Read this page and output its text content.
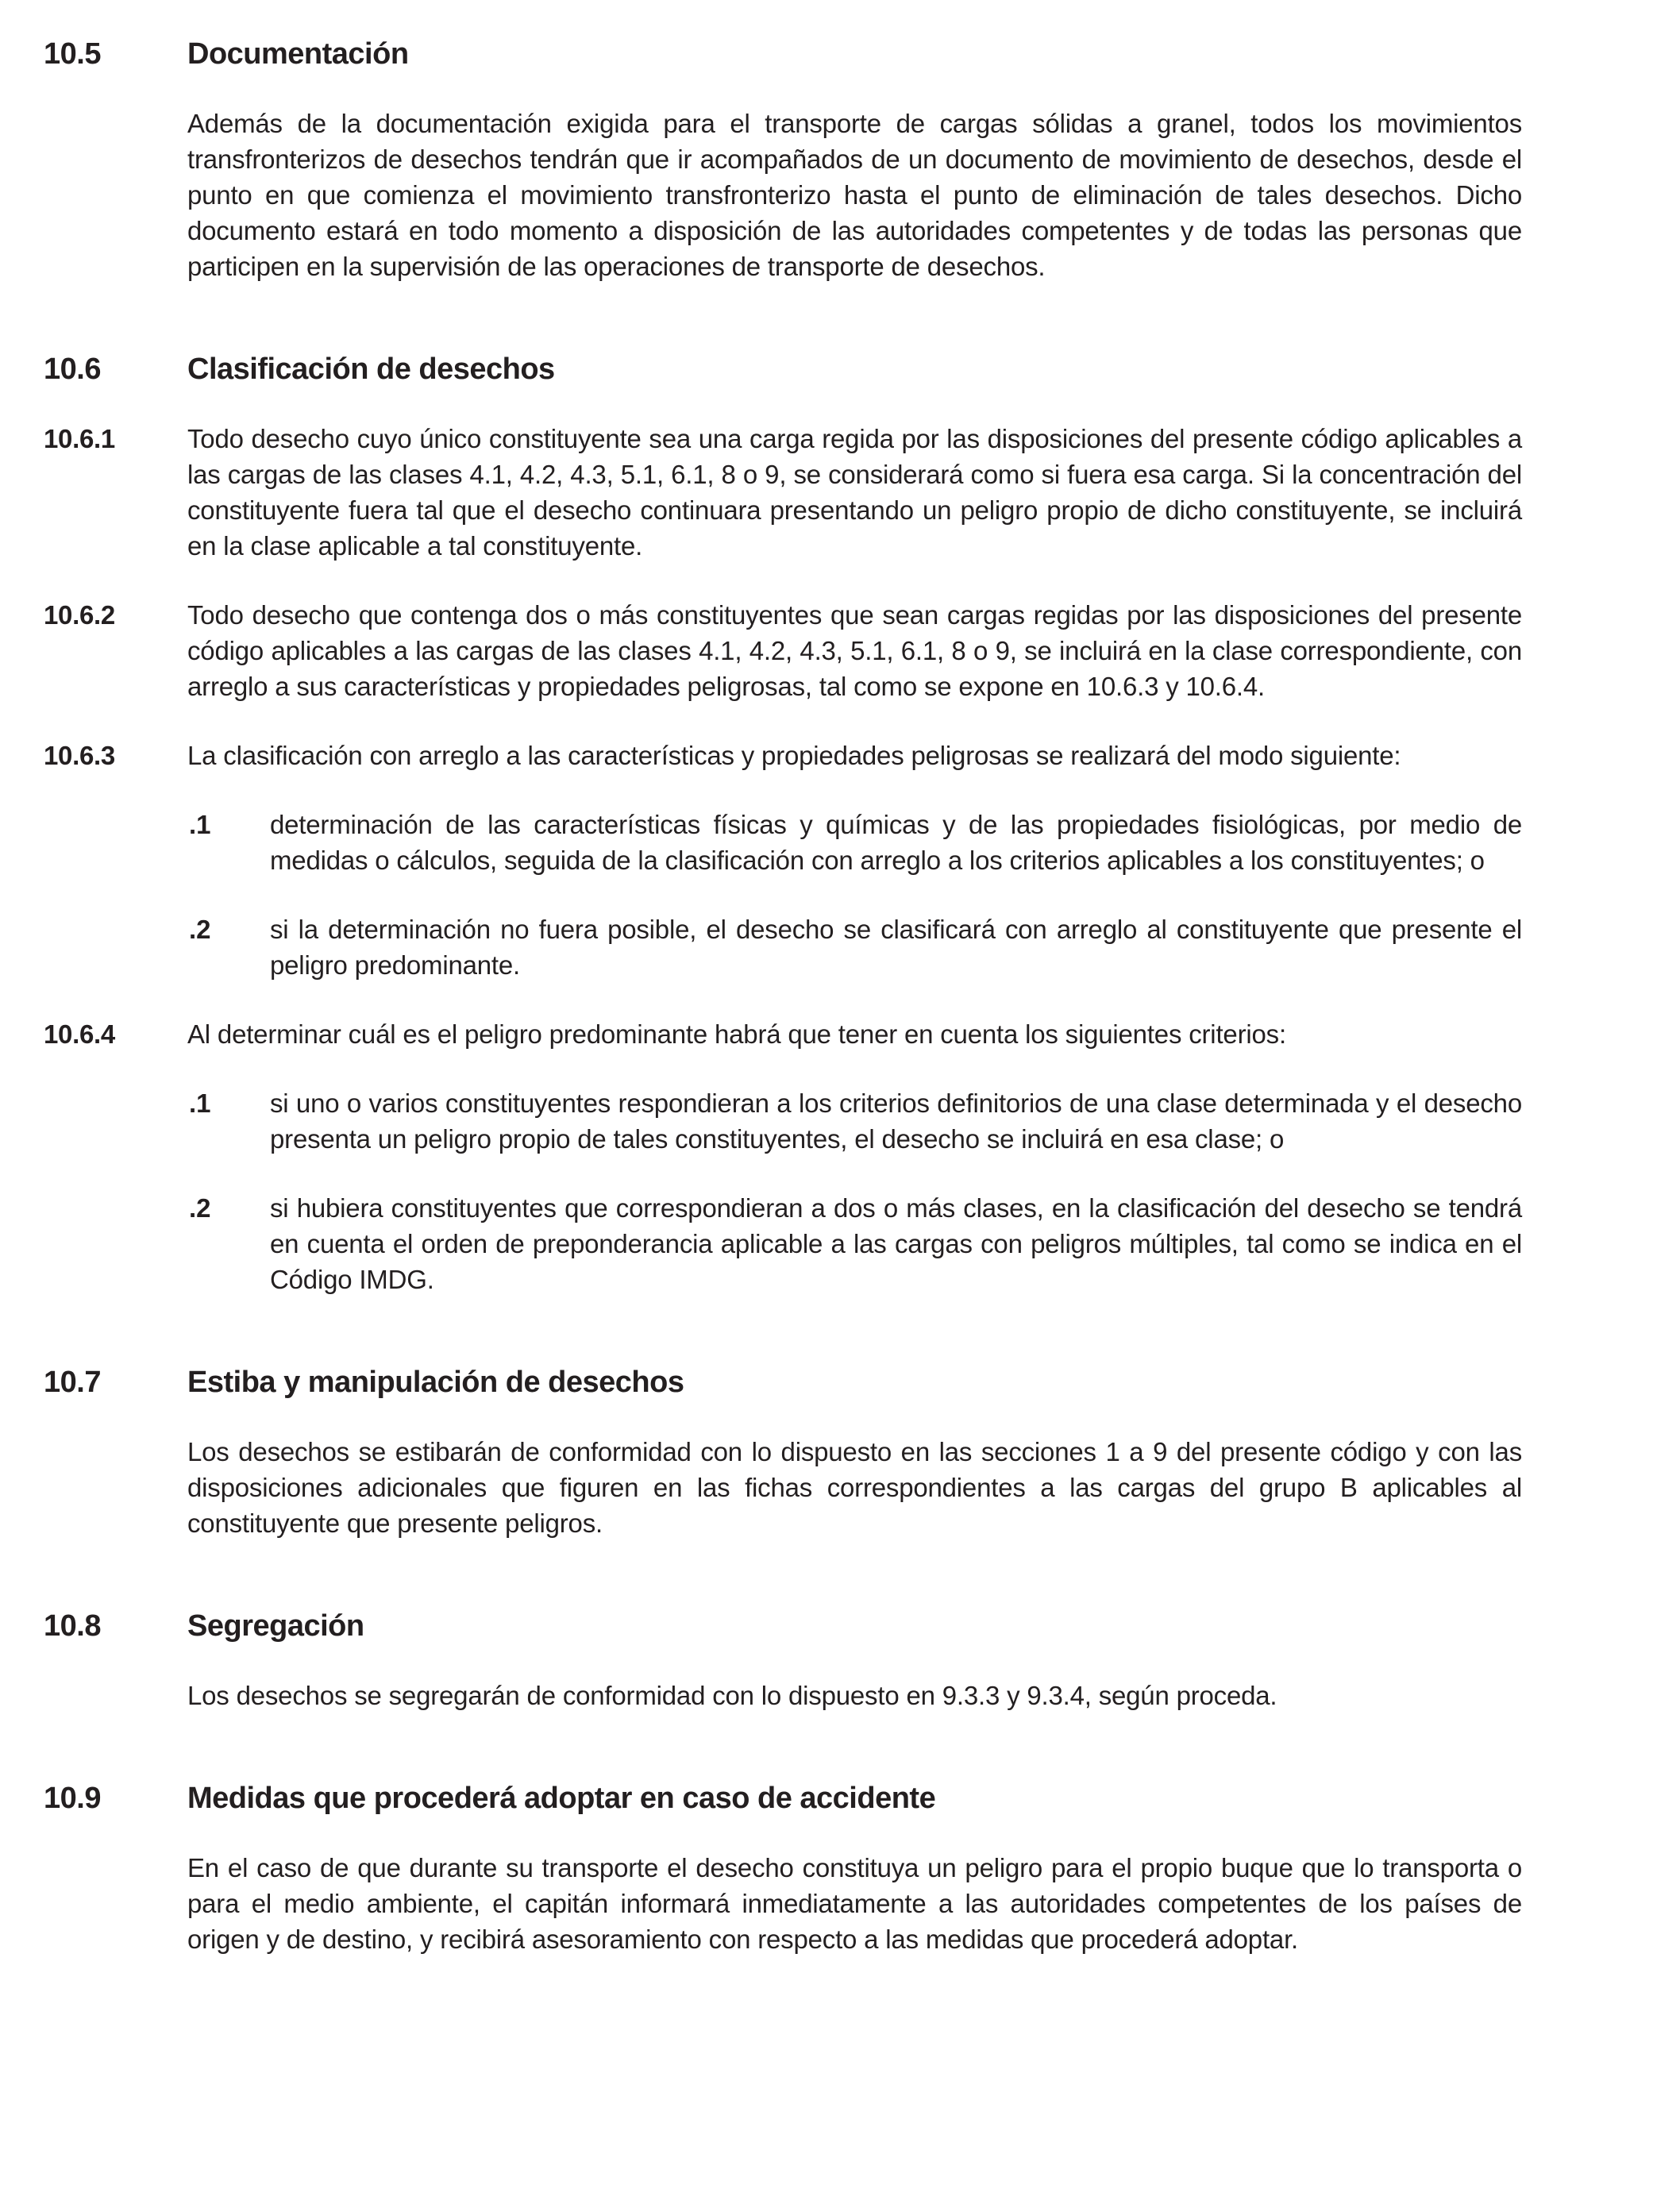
10.5	Documentación
Además de la documentación exigida para el transporte de cargas sólidas a granel, todos los movimientos transfronterizos de desechos tendrán que ir acompañados de un documento de movimiento de desechos, desde el punto en que comienza el movimiento transfronterizo hasta el punto de eliminación de tales desechos. Dicho documento estará en todo momento a disposición de las autoridades competentes y de todas las personas que participen en la supervisión de las operaciones de transporte de desechos.
10.6	Clasificación de desechos
10.6.1	Todo desecho cuyo único constituyente sea una carga regida por las disposiciones del presente código aplicables a las cargas de las clases 4.1, 4.2, 4.3, 5.1, 6.1, 8 o 9, se considerará como si fuera esa carga. Si la concentración del constituyente fuera tal que el desecho continuara presentando un peligro propio de dicho constituyente, se incluirá en la clase aplicable a tal constituyente.
10.6.2	Todo desecho que contenga dos o más constituyentes que sean cargas regidas por las disposiciones del presente código aplicables a las cargas de las clases 4.1, 4.2, 4.3, 5.1, 6.1, 8 o 9, se incluirá en la clase correspondiente, con arreglo a sus características y propiedades peligrosas, tal como se expone en 10.6.3 y 10.6.4.
10.6.3	La clasificación con arreglo a las características y propiedades peligrosas se realizará del modo siguiente:
.1	determinación de las características físicas y químicas y de las propiedades fisiológicas, por medio de medidas o cálculos, seguida de la clasificación con arreglo a los criterios aplicables a los constituyentes; o
.2	si la determinación no fuera posible, el desecho se clasificará con arreglo al constituyente que presente el peligro predominante.
10.6.4	Al determinar cuál es el peligro predominante habrá que tener en cuenta los siguientes criterios:
.1	si uno o varios constituyentes respondieran a los criterios definitorios de una clase determinada y el desecho presenta un peligro propio de tales constituyentes, el desecho se incluirá en esa clase; o
.2	si hubiera constituyentes que correspondieran a dos o más clases, en la clasificación del desecho se tendrá en cuenta el orden de preponderancia aplicable a las cargas con peligros múltiples, tal como se indica en el Código IMDG.
10.7	Estiba y manipulación de desechos
Los desechos se estibarán de conformidad con lo dispuesto en las secciones 1 a 9 del presente código y con las disposiciones adicionales que figuren en las fichas correspondientes a las cargas del grupo B aplicables al constituyente que presente peligros.
10.8	Segregación
Los desechos se segregarán de conformidad con lo dispuesto en 9.3.3 y 9.3.4, según proceda.
10.9	Medidas que procederá adoptar en caso de accidente
En el caso de que durante su transporte el desecho constituya un peligro para el propio buque que lo transporta o para el medio ambiente, el capitán informará inmediatamente a las autoridades competentes de los países de origen y de destino, y recibirá asesoramiento con respecto a las medidas que procederá adoptar.
